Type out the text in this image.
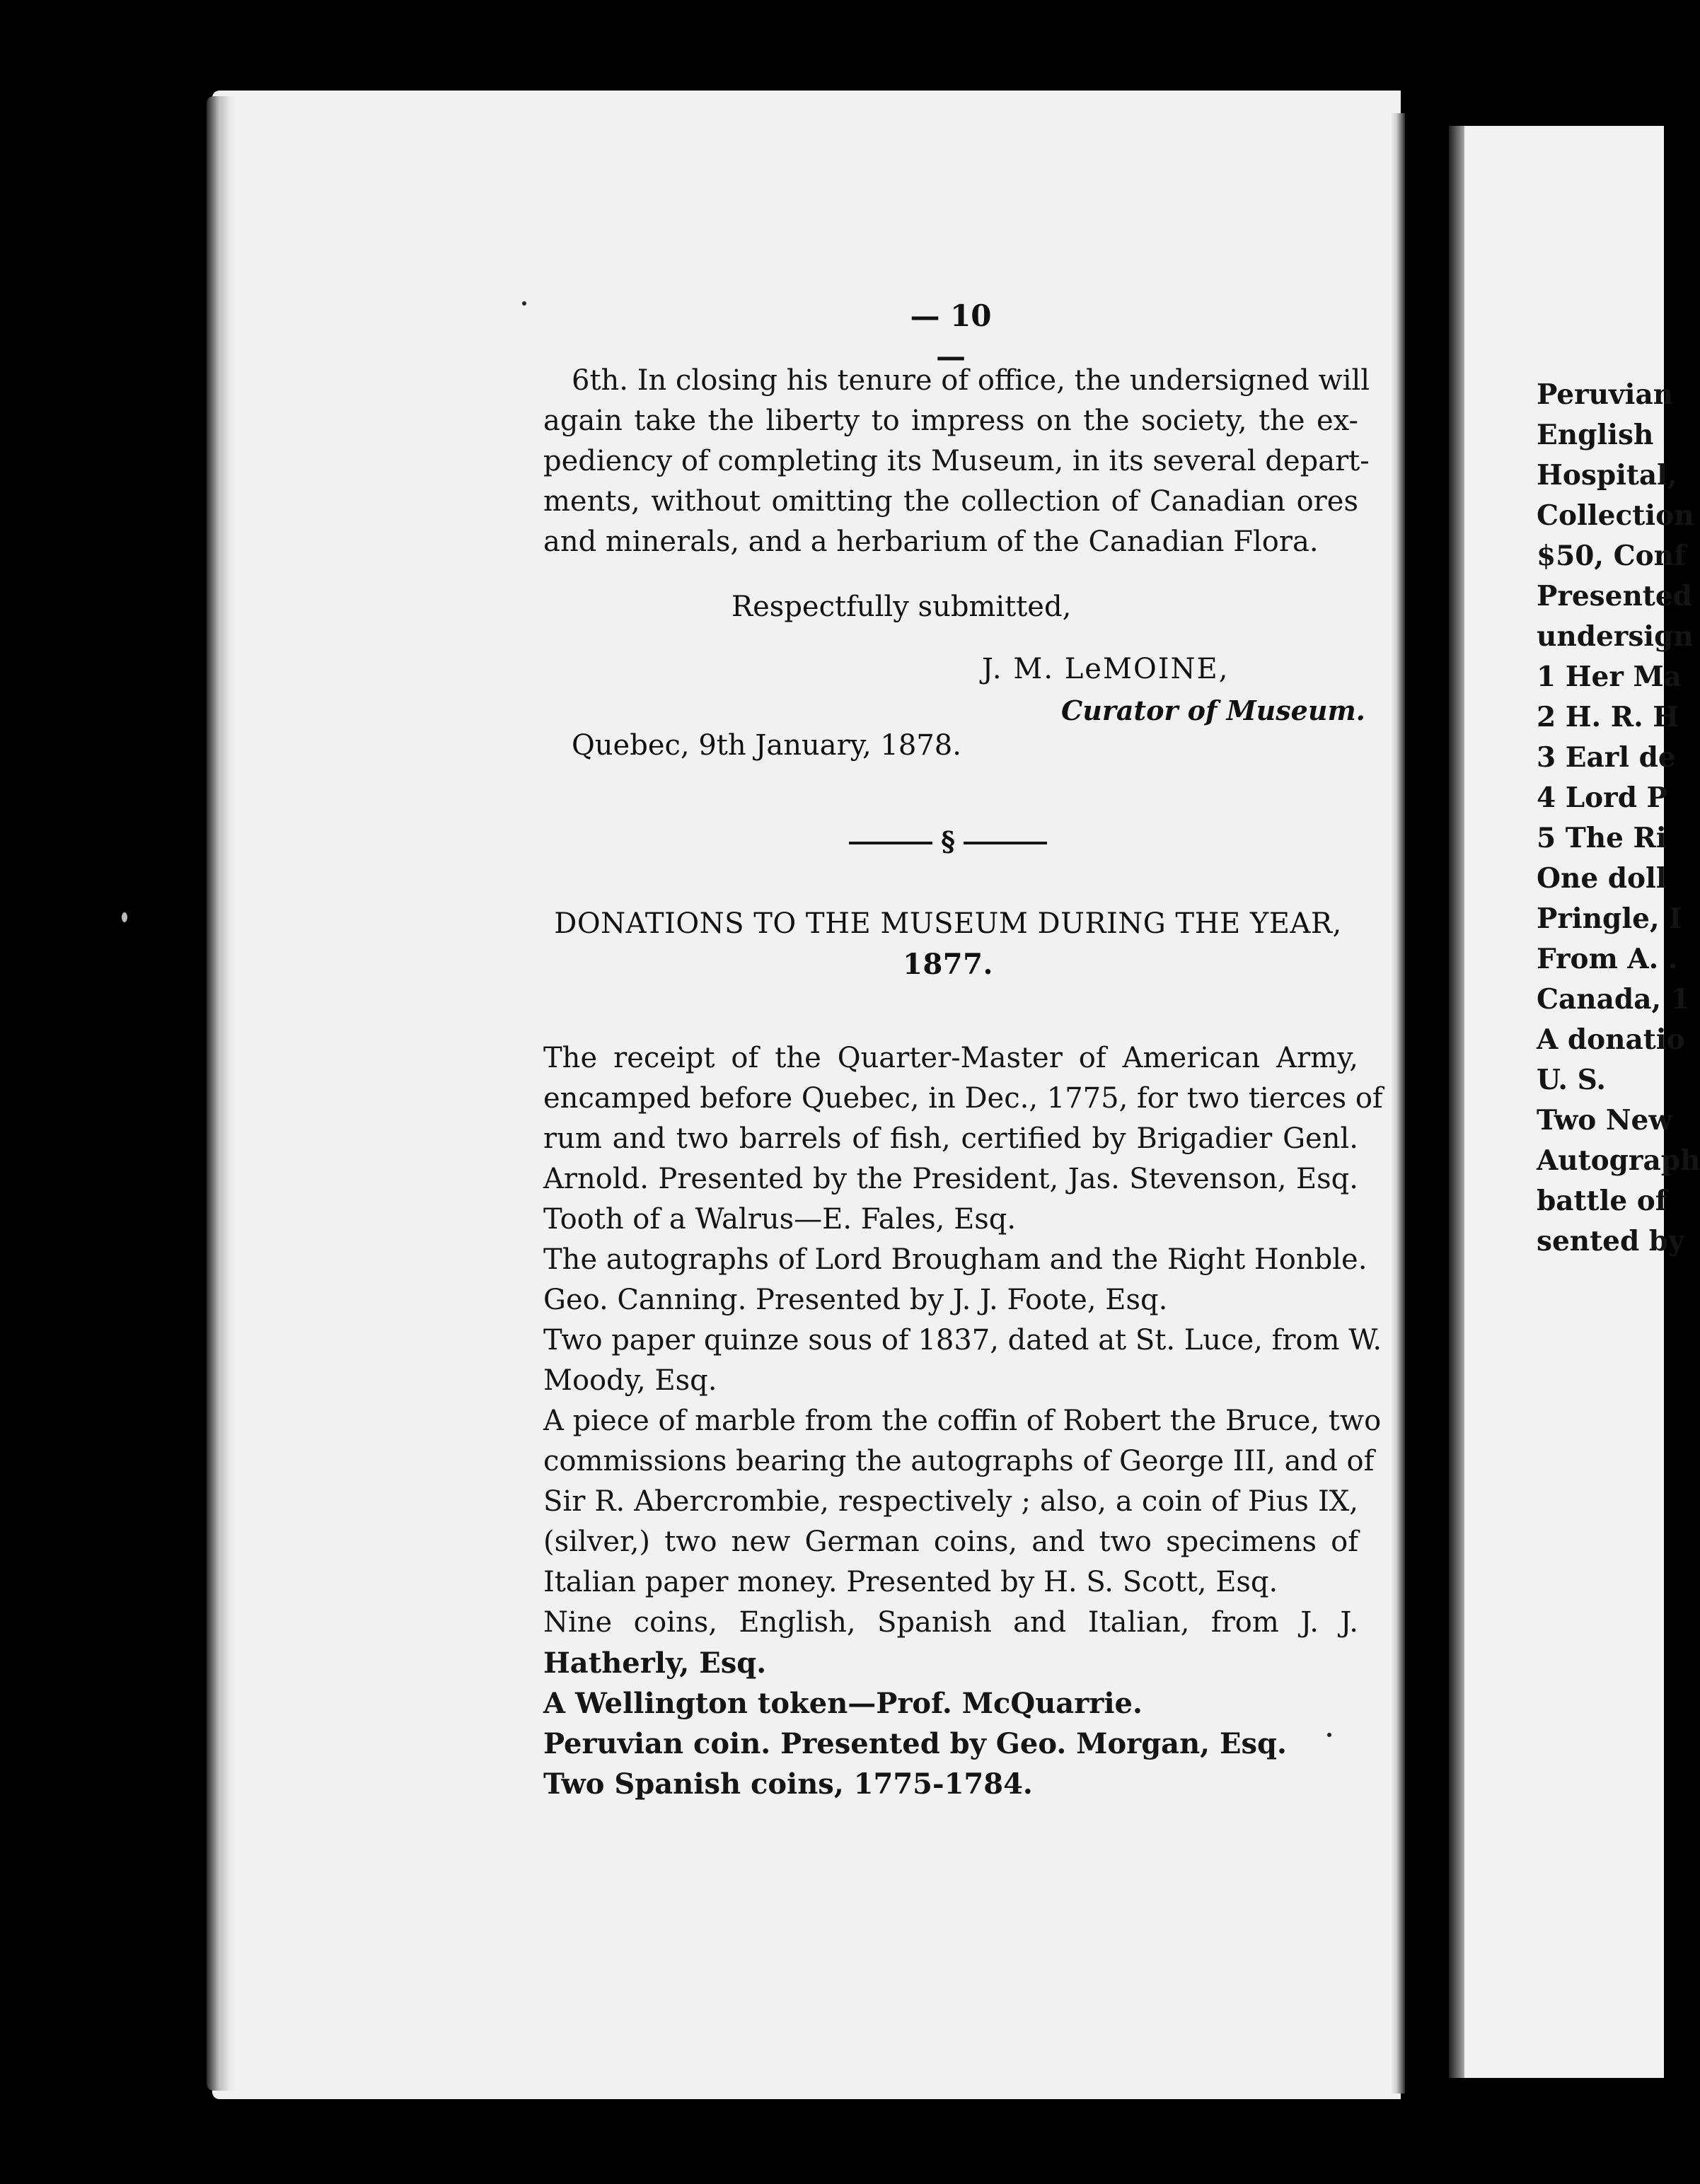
Peruvian
English
Hospital,
Collection
$50, Conf
Presented
undersign
1 Her Ma
2 H. R. H
3 Earl de
4 Lord P
5 The Ri
One doll
Pringle, I
From A. .
Canada, 1
A donatio
U. S.
Two New
Autograph
battle of
sented by
— 10 —
6th. In closing his tenure of office, the undersigned will
again take the liberty to impress on the society, the ex-
pediency of completing its Museum, in its several depart-
ments, without omitting the collection of Canadian ores
and minerals, and a herbarium of the Canadian Flora.
Respectfully submitted,
J. M. LeMOINE,
Curator of Museum.
Quebec, 9th January, 1878.
§
DONATIONS TO THE MUSEUM DURING THE YEAR,
1877.
The receipt of the Quarter-Master of American Army,
encamped before Quebec, in Dec., 1775, for two tierces of
rum and two barrels of fish, certified by Brigadier Genl.
Arnold. Presented by the President, Jas. Stevenson, Esq.
Tooth of a Walrus—E. Fales, Esq.
The autographs of Lord Brougham and the Right Honble.
Geo. Canning. Presented by J. J. Foote, Esq.
Two paper quinze sous of 1837, dated at St. Luce, from W.
Moody, Esq.
A piece of marble from the coffin of Robert the Bruce, two
commissions bearing the autographs of George III, and of
Sir R. Abercrombie, respectively ; also, a coin of Pius IX,
(silver,) two new German coins, and two specimens of
Italian paper money. Presented by H. S. Scott, Esq.
Nine coins, English, Spanish and Italian, from J. J.
Hatherly, Esq.
A Wellington token—Prof. McQuarrie.
Peruvian coin. Presented by Geo. Morgan, Esq.
Two Spanish coins, 1775-1784.
